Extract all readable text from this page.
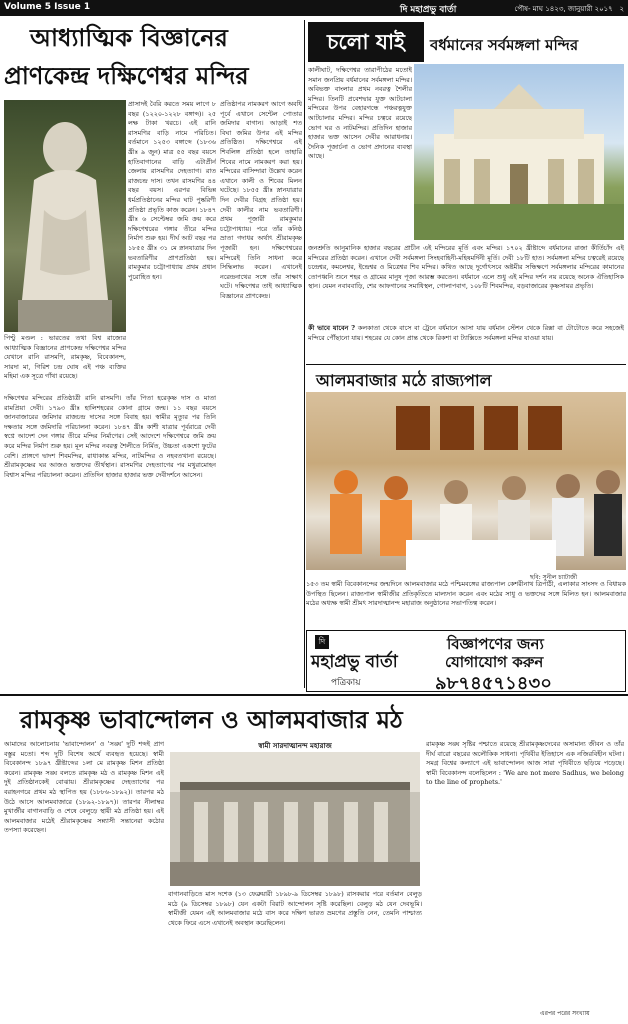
Volume 5 Issue 1	দি মহাপ্রভু বার্তা	পৌষ- মাঘ ১৪২৩, জানুয়ারী ২০১৭ ২
আধ্যাত্মিক বিজ্ঞানের
প্রাণকেন্দ্র দক্ষিণেশ্বর মন্দির
প্রাসাদই বৈরি করতে সময় লাগে ৮ বছর (১২২০-১২২৮ বঙ্গাব্দ)। ২৫ লক্ষ টাকা খরচে। এই রানি রাসমণির বাড়ি নামে পরিচিত। বর্তমানে ১২৫৩ বঙ্গাব্দে (১৮৩৬ খ্রীঃ ৯ জুন) মাত্র ৫৫ বছর বয়সে হাতিবাগানের বাড়ি এটাপ্রীর্ন জেলায় রাসমণির দেহত্যাগ। রাত রাজচন্দ্র দাস। তখন রাসমণির ৪৪ বছর বয়স। এরপর বিভিন্ন ধর্মপ্রতিষ্ঠানের মন্দির ঘাট পুষ্করিণী প্রতিষ্ঠা প্রভৃতি কাজ করেন। ১৮৪৭ খ্রীঃ ৬ সেপ্টেম্বর জমি ক্রয় করে দক্ষিণেশ্বরের গঙ্গার তীরে মন্দির নির্মাণ শুরু হয়। দীর্ঘ আট বছর পর ১৮৫৫ খ্রীঃ ৩১ মে স্নানযাত্রার দিন ভবতারিণীর প্রাণপ্রতিষ্ঠা হয়। রামকুমার চট্টোপাধ্যায় প্রথম প্রধান পুরোহিত হন।
প্রতিষ্ঠাপর নামকরণ আগে অবধি পূর্বে এখানে সেন্টেল পোতার জমিদার বাগান। আড়াই শত বিঘা জমির উপর এই মন্দির প্রতিষ্ঠিত। দক্ষিণেশ্বরে এই শিবলিঙ্গ প্রতিষ্ঠা হলে তাহারি শিবের নামে নামকরণ করা হয়। মন্দিরের বাসিন্দারা উল্লেখ করেন এখানে কালী ও শিবের মিলন ঘটেছে। ১৮৫৫ খ্রীঃ স্নানযাত্রার দিন দেবীর বিগ্রহ প্রতিষ্ঠা হয়। দেবী কালীর নাম ভবতারিণী। প্রথম পূজারী রামকুমার চট্টোপাধ্যায়। পরে তাঁর কনিষ্ঠ ভ্রাতা গদাধর অর্থাৎ শ্রীরামকৃষ্ণ পূজারী হন। দক্ষিণেশ্বরের মন্দিরেই তিনি সাধনা করে সিদ্ধিলাভ করেন। এখানেই নরেন্দ্রনাথের সঙ্গে তাঁর সাক্ষাৎ ঘটে। দক্ষিণেশ্বর তাই আধ্যাত্মিক বিজ্ঞানের প্রাণকেন্দ্র।
পিণ্টু মণ্ডল : ভারতের তথা বিশ্ব রাজ্যের আধ্যাত্মিক বিজ্ঞানের প্রাণকেন্দ্র দক্ষিণেশ্বর মন্দির যেখানে রানি রাসমণি, রামকৃষ্ণ, বিবেকানন্দ, সারদা মা, গিরিশ চন্দ্র ঘোষ এই পঞ্চ ব্যক্তির মহিমা এক সূত্রে গাঁথা রয়েছে।
দক্ষিণেশ্বর মন্দিরের প্রতিষ্ঠাত্রী রানি রাসমণি। তাঁর পিতা হরেকৃষ্ণ দাস ও মাতা রামপ্রিয়া দেবী। ১৭৯৩ খ্রীঃ হালিশহরের কোনা গ্রামে জন্ম। ১১ বছর বয়সে জানবাজারের জমিদার রাজচন্দ্র দাসের সঙ্গে বিবাহ হয়। স্বামীর মৃত্যুর পর তিনি দক্ষতার সঙ্গে জমিদারি পরিচালনা করেন। ১৮৪৭ খ্রীঃ কাশী যাত্রার পূর্বরাত্রে দেবী স্বপ্নে আদেশ দেন গঙ্গার তীরে মন্দির নির্মাণের। সেই আদেশে দক্ষিণেশ্বরে জমি ক্রয় করে মন্দির নির্মাণ শুরু হয়। মূল মন্দির নবরত্ন শৈলীতে নির্মিত, উচ্চতা একশো ফুটের বেশি। প্রাঙ্গণে দ্বাদশ শিবমন্দির, রাধাকান্ত মন্দির, নাটমন্দির ও নহবতখানা রয়েছে। শ্রীরামকৃষ্ণের ঘর আজও ভক্তদের তীর্থস্থান। রাসমণির দেহত্যাগের পর মথুরামোহন বিশ্বাস মন্দির পরিচালনা করেন। প্রতিদিন হাজার হাজার ভক্ত দেবীদর্শনে আসেন।
চলো যাই	বর্ধমানের সর্বমঙ্গলা মন্দির
কালীঘাট, দক্ষিণেশ্বর তারাপীঠের মতোই সমান জনপ্রিয় বর্ধমানের সর্বমঙ্গলা মন্দির। অবিভক্ত বাংলার প্রথম নবরত্ন শৈলীর মন্দির। তিনটি প্রবেশদ্বার যুক্ত আটচালা মন্দিরের উপর বেহারগন্ধে পঞ্চরত্নযুক্ত আটচালার মন্দির। মন্দির চত্বরে রয়েছে ভোগ ঘর ও নাটমন্দির। প্রতিদিন হাজার হাজার ভক্ত আসেন দেবীর আরাধনায়। দৈনিক পূজার্চনা ও ভোগ প্রদানের ব্যবস্থা আছে।
জনশ্রুতি আনুমানিক হাজার বছরের প্রাচীন এই মন্দিরের মূর্তি এবং মন্দির। ১৭০২ খ্রীষ্টাব্দে বর্ধমানের রাজা কীর্তিচাঁদ এই মন্দিরের প্রতিষ্ঠা করেন। এখানে দেবী সর্বমঙ্গলা সিংহবাহিনী-মহিষমর্দিনী মূর্তি। দেবী ১৮টি হাত। সর্বমঙ্গলা মন্দির চত্বরেই রয়েছে চন্দ্রেশ্বর, কমলেশ্বর, ইন্দ্রেশ্বর ও মিত্রেশ্বর শিব মন্দির। কথিত আছে দুর্গোৎসবে অষ্টমীর সন্ধিক্ষণে সর্বমঙ্গলার মন্দিরের কামানের তোপধ্বনি শুনে শহর ও গ্রামের মানুষ পূজা আরম্ভ করতেন। বর্ধমানে এলে শুধু এই মন্দির দর্শন নয় রয়েছে অনেক ঐতিহাসিক স্থান। যেমন নবাববাড়ি, শের আফগানের সমাধিস্থল, গোলাপবাগ, ১০৮টি শিবমন্দির, বড়বাজারের কৃষ্ণসায়র প্রভৃতি।
কী ভাবে যাবেন ? কলকাতা থেকে বাসে বা ট্রেনে বর্ধমানে আসা যায় বর্ধমান স্টেশন থেকে রিক্সা বা টোটোতে করে সহজেই মন্দিরে পৌঁছানো যায়। শহরের যে কোন প্রান্ত থেকে রিকশা বা ট্যাক্সিতে সর্বমঙ্গলা মন্দির যাওয়া যায়।
আলমবাজার মঠে রাজ্যপাল
ছবি: সুনীল চ্যাটার্জী
১৫৩ তম স্বামী বিবেকানন্দের জন্মদিনে আলমবাজার মঠে পশ্চিমবঙ্গের রাজ্যপাল কেশরীনাথ ত্রিপাঠী, এলাকার সাংসদ ও বিধায়ক উপস্থিত ছিলেন। রাজ্যপাল স্বামীজীর প্রতিকৃতিতে মাল্যদান করেন এবং মঠের সাধু ও ভক্তদের সঙ্গে মিলিত হন। আলমবাজার মঠের অধ্যক্ষ স্বামী শ্রীমৎ সারদাত্মানন্দ মহারাজ অনুষ্ঠানের সভাপতিত্ব করেন।
দি
মহাপ্রভু বার্তা
পত্রিকায়
বিজ্ঞাপণের জন্য
যোগাযোগ করুন
৯৮৭৪৫৭১৪৩০
রামকৃষ্ণ ভাবান্দোলন ও আলমবাজার মঠ
আমাদের আলোচনায় 'ভাবান্দোলন' ও 'সঙ্ঘ' দুটি শব্দই প্রাণ বস্তুর মতো। শব্দ দুটি বিশেষ অর্থে ব্যবহৃত হয়েছে। স্বামী বিবেকানন্দ ১৮৯৭ খ্রীষ্টাব্দের ১লা মে রামকৃষ্ণ মিশন প্রতিষ্ঠা করেন। রামকৃষ্ণ সঙ্ঘ বলতে রামকৃষ্ণ মঠ ও রামকৃষ্ণ মিশন এই দুই প্রতিষ্ঠানকেই বোঝায়। শ্রীরামকৃষ্ণের দেহত্যাগের পর বরাহনগরে প্রথম মঠ স্থাপিত হয় (১৮৮৬-১৮৯২)। তারপর মঠ উঠে আসে আলমবাজারে (১৮৯২-১৮৯৭)। তারপর নীলাম্বর মুখার্জীর বাগানবাড়ি ও শেষে বেলুড়ে স্থায়ী মঠ প্রতিষ্ঠা হয়। এই আলমবাজার মঠেই শ্রীরামকৃষ্ণের সন্ন্যাসী সন্তানেরা কঠোর তপস্যা করেছেন।
স্বামী সারদাত্মানন্দ মহারাজ
বাগানবাড়িতে মাস দশেক (১৩ ফেব্রুয়ারী ১৮৯৮-৯ ডিসেম্বর ১৮৯৮) রাসকরার পরে বর্তমান বেলুড় মঠে (৯ ডিসেম্বর ১৮৯৮) যেন একটা বিরাট আন্দোলন সৃষ্টি করেছিল। বেলুড় মঠ যেন দেবভূমি। স্বামীজী যেমন এই আলমবাজার মঠে বাস করে দক্ষিণ ভারত ভ্রমণের প্রস্তুতি নেন, তেমনি পাশ্চাত্য থেকে ফিরে এসে এখানেই অবস্থান করেছিলেন।
রামকৃষ্ণ সঙ্ঘ সৃষ্টির পশ্চাতে রয়েছে শ্রীরামকৃষ্ণদেবের অসামান্য জীবন ও তাঁর দীর্ঘ বারো বছরের অলৌকিক সাধনা। পৃথিবীর ইতিহাসে এক নজিরবিহীন ঘটনা। সমগ্র বিশ্বের কল্যাণে এই ভাবান্দোলন আজ সারা পৃথিবীতে ছড়িয়ে পড়েছে। স্বামী বিবেকানন্দ বলেছিলেন : 'We are not mere Sadhus, we belong to the line of prophets.'
এরপর পরের সংখ্যায়
